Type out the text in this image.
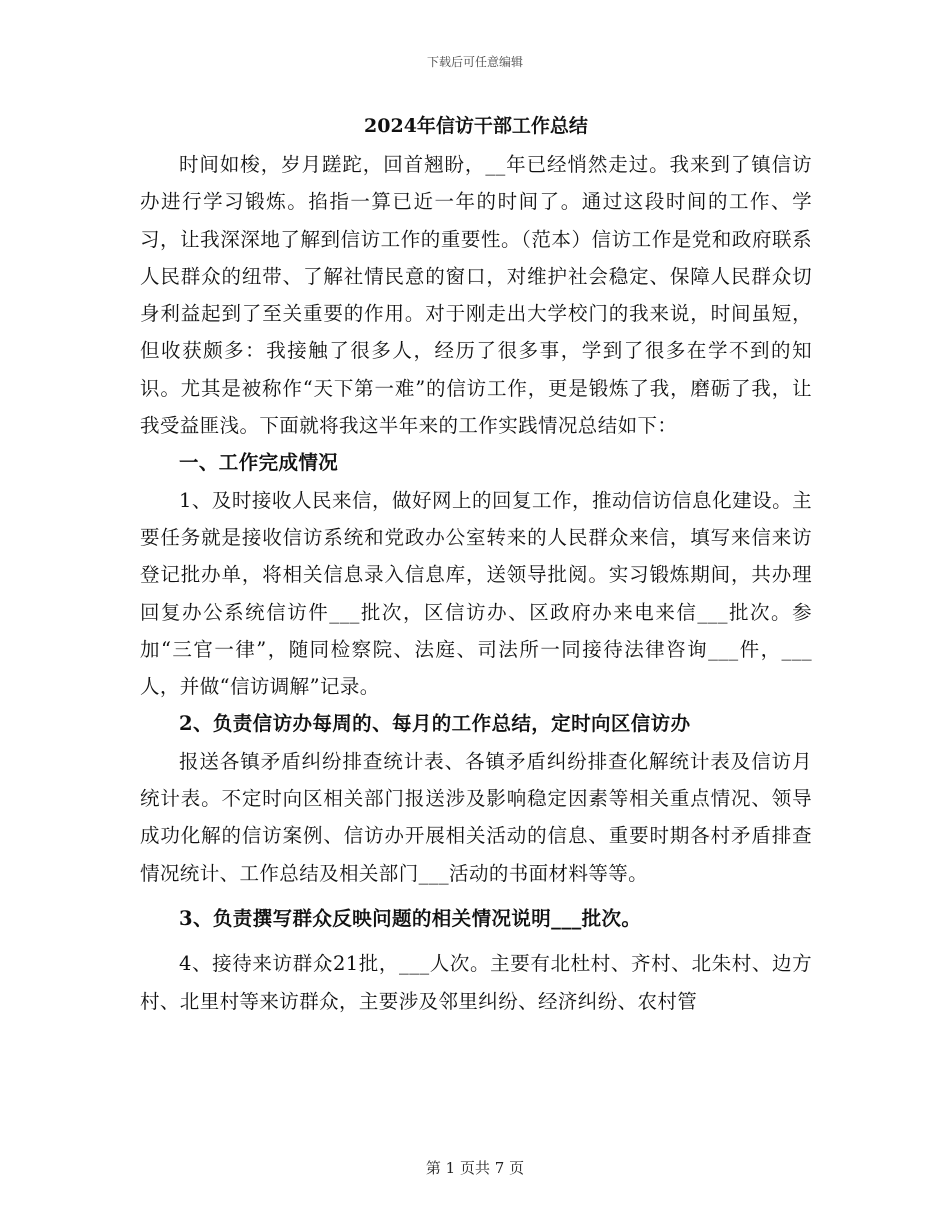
下载后可任意编辑
2024年信访干部工作总结

时间如梭，岁月蹉跎，回首翘盼，__年已经悄然走过。我来到了镇信访办进行学习锻炼。掐指一算已近一年的时间了。通过这段时间的工作、学习，让我深深地了解到信访工作的重要性。（范本）信访工作是党和政府联系人民群众的纽带、了解社情民意的窗口，对维护社会稳定、保障人民群众切身利益起到了至关重要的作用。对于刚走出大学校门的我来说，时间虽短，但收获颇多：我接触了很多人，经历了很多事，学到了很多在学不到的知识。尤其是被称作“天下第一难”的信访工作，更是锻炼了我，磨砺了我，让我受益匪浅。下面就将我这半年来的工作实践情况总结如下：

一、工作完成情况

1、及时接收人民来信，做好网上的回复工作，推动信访信息化建设。主要任务就是接收信访系统和党政办公室转来的人民群众来信，填写来信来访登记批办单，将相关信息录入信息库，送领导批阅。实习锻炼期间，共办理回复办公系统信访件___批次，区信访办、区政府办来电来信___批次。参加“三官一律”，随同检察院、法庭、司法所一同接待法律咨询___件，___人，并做“信访调解”记录。

2、负责信访办每周的、每月的工作总结，定时向区信访办

报送各镇矛盾纠纷排查统计表、各镇矛盾纠纷排查化解统计表及信访月统计表。不定时向区相关部门报送涉及影响稳定因素等相关重点情况、领导成功化解的信访案例、信访办开展相关活动的信息、重要时期各村矛盾排查情况统计、工作总结及相关部门___活动的书面材料等等。

3、负责撰写群众反映问题的相关情况说明___批次。

4、接待来访群众21批，___人次。主要有北杜村、齐村、北朱村、边方村、北里村等来访群众，主要涉及邻里纠纷、经济纠纷、农村管

第 1 页共 7 页
